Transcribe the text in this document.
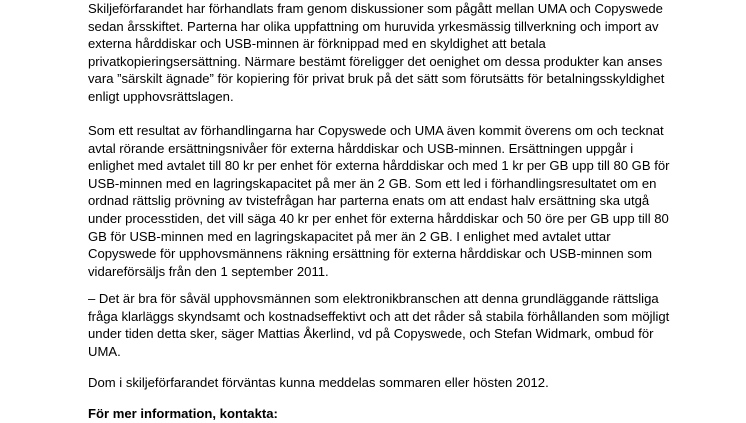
Skiljeförfarandet har förhandlats fram genom diskussioner som pågått mellan UMA och Copyswede
sedan årsskiftet. Parterna har olika uppfattning om huruvida yrkesmässig tillverkning och import av
externa hårddiskar och USB-minnen är förknippad med en skyldighet att betala
privatkopieringsersättning. Närmare bestämt föreligger det oenighet om dessa produkter kan anses
vara ”särskilt ägnade” för kopiering för privat bruk på det sätt som förutsätts för betalningsskyldighet
enligt upphovsrättslagen.

Som ett resultat av förhandlingarna har Copyswede och UMA även kommit överens om och tecknat
avtal rörande ersättningsnivåer för externa hårddiskar och USB-minnen. Ersättningen uppgår i
enlighet med avtalet till 80 kr per enhet för externa hårddiskar och med 1 kr per GB upp till 80 GB för
USB-minnen med en lagringskapacitet på mer än 2 GB. Som ett led i förhandlingsresultatet om en
ordnad rättslig prövning av tvistefrågan har parterna enats om att endast halv ersättning ska utgå
under processtiden, det vill säga 40 kr per enhet för externa hårddiskar och 50 öre per GB upp till 80
GB för USB-minnen med en lagringskapacitet på mer än 2 GB. I enlighet med avtalet uttar
Copyswede för upphovsmännens räkning ersättning för externa hårddiskar och USB-minnen som
vidareförsäljs från den 1 september 2011.

– Det är bra för såväl upphovsmännen som elektronikbranschen att denna grundläggande rättsliga
fråga klarläggs skyndsamt och kostnadseffektivt och att det råder så stabila förhållanden som möjligt
under tiden detta sker, säger Mattias Åkerlind, vd på Copyswede, och Stefan Widmark, ombud för
UMA.

Dom i skiljeförfarandet förväntas kunna meddelas sommaren eller hösten 2012.

För mer information, kontakta:
